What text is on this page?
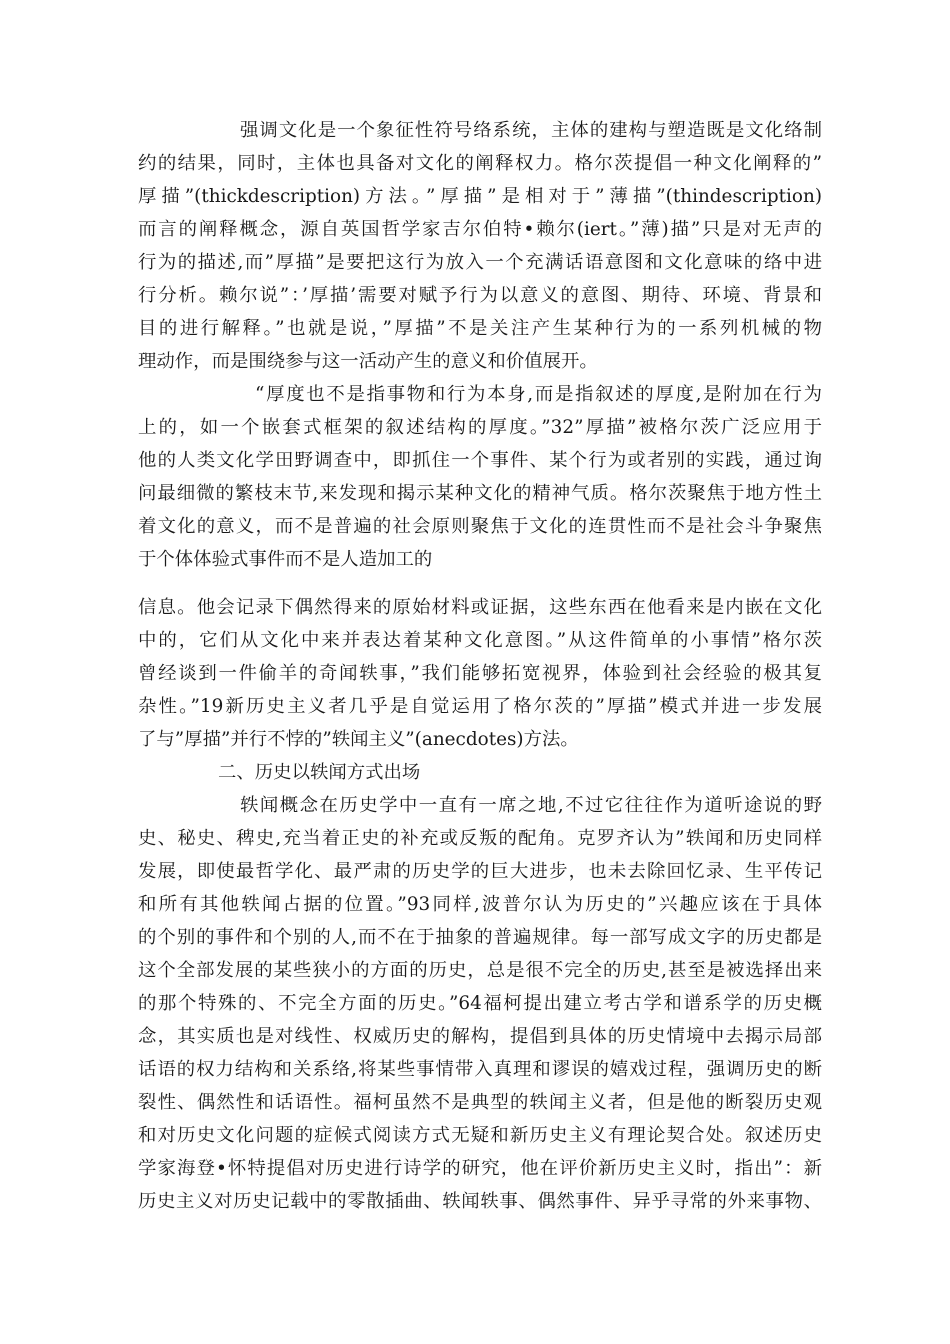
强调文化是一个象征性符号络系统，主体的建构与塑造既是文化络制
约的结果，同时，主体也具备对文化的阐释权力。格尔茨提倡一种文化阐释的”
厚描”(thickdescription)方法。”厚描”是相对于”薄描”(thindescription)
而言的阐释概念，源自英国哲学家吉尔伯特•赖尔(iert。”薄)描”只是对无声的
行为的描述,而”厚描”是要把这行为放入一个充满话语意图和文化意味的络中进
行分析。赖尔说”：’厚描’需要对赋予行为以意义的意图、期待、环境、背景和
目的进行解释。”也就是说，”厚描”不是关注产生某种行为的一系列机械的物
理动作，而是围绕参与这一活动产生的意义和价值展开。
“厚度也不是指事物和行为本身,而是指叙述的厚度,是附加在行为
上的，如一个嵌套式框架的叙述结构的厚度。”32”厚描”被格尔茨广泛应用于
他的人类文化学田野调查中，即抓住一个事件、某个行为或者别的实践，通过询
问最细微的繁枝末节,来发现和揭示某种文化的精神气质。格尔茨聚焦于地方性土
着文化的意义，而不是普遍的社会原则聚焦于文化的连贯性而不是社会斗争聚焦
于个体体验式事件而不是人造加工的
信息。他会记录下偶然得来的原始材料或证据，这些东西在他看来是内嵌在文化
中的，它们从文化中来并表达着某种文化意图。”从这件简单的小事情”格尔茨
曾经谈到一件偷羊的奇闻轶事，”我们能够拓宽视界，体验到社会经验的极其复
杂性。”19新历史主义者几乎是自觉运用了格尔茨的”厚描”模式并进一步发展
了与”厚描”并行不悖的”轶闻主义”(anecdotes)方法。
二、历史以轶闻方式出场
轶闻概念在历史学中一直有一席之地,不过它往往作为道听途说的野
史、秘史、稗史,充当着正史的补充或反叛的配角。克罗齐认为”轶闻和历史同样
发展，即使最哲学化、最严肃的历史学的巨大进步，也未去除回忆录、生平传记
和所有其他轶闻占据的位置。”93同样,波普尔认为历史的”兴趣应该在于具体
的个别的事件和个别的人,而不在于抽象的普遍规律。每一部写成文字的历史都是
这个全部发展的某些狭小的方面的历史，总是很不完全的历史,甚至是被选择出来
的那个特殊的、不完全方面的历史。”64福柯提出建立考古学和谱系学的历史概
念，其实质也是对线性、权威历史的解构，提倡到具体的历史情境中去揭示局部
话语的权力结构和关系络,将某些事情带入真理和谬误的嬉戏过程，强调历史的断
裂性、偶然性和话语性。福柯虽然不是典型的轶闻主义者，但是他的断裂历史观
和对历史文化问题的症候式阅读方式无疑和新历史主义有理论契合处。叙述历史
学家海登•怀特提倡对历史进行诗学的研究，他在评价新历史主义时，指出”：新
历史主义对历史记载中的零散插曲、轶闻轶事、偶然事件、异乎寻常的外来事物、
